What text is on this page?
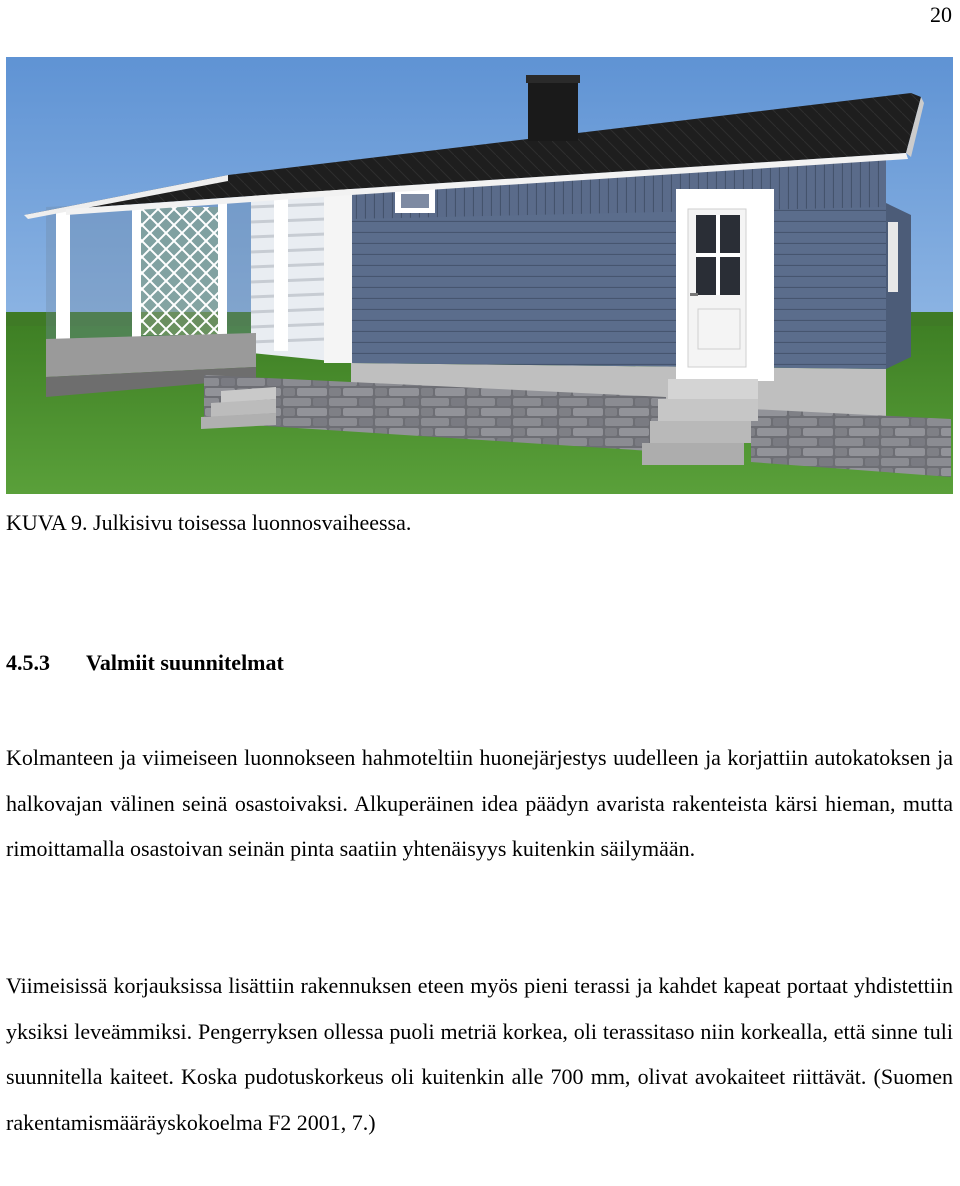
20
KUVA 9. Julkisivu toisessa luonnosvaiheessa.
4.5.3 Valmiit suunnitelmat

Kolmanteen ja viimeiseen luonnokseen hahmoteltiin huonejärjestys uudelleen ja korjattiin autokatoksen ja halkovajan välinen seinä osastoivaksi. Alkuperäinen idea päädyn avarista rakenteista kärsi hieman, mutta rimoittamalla osastoivan seinän pinta saatiin yhtenäisyys kuitenkin säilymään.

Viimeisissä korjauksissa lisättiin rakennuksen eteen myös pieni terassi ja kahdet kapeat portaat yhdistettiin yksiksi leveämmiksi. Pengerryksen ollessa puoli metriä korkea, oli terassitaso niin korkealla, että sinne tuli suunnitella kaiteet. Koska pudotuskorkeus oli kuitenkin alle 700 mm, olivat avokaiteet riittävät. (Suomen rakentamismääräyskokoelma F2 2001, 7.)
